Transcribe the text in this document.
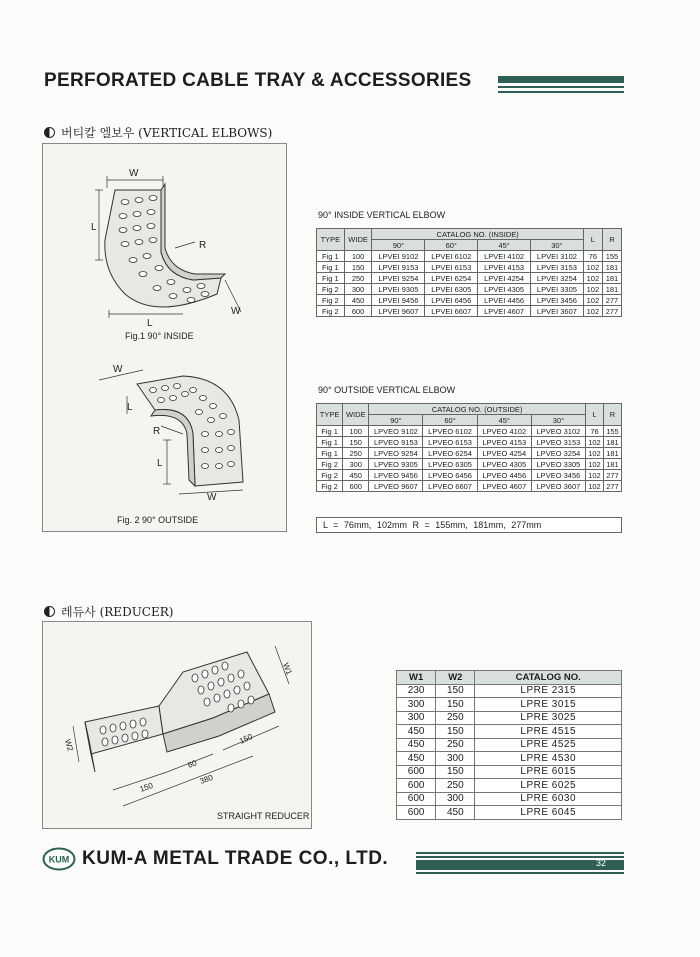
PERFORATED CABLE TRAY & ACCESSORIES
버티칼 엘보우 (VERTICAL ELBOWS)
W
L
R
L
W
W
L
R
L
W
Fig.1 90° INSIDE
Fig. 2 90° OUTSIDE
90° INSIDE VERTICAL ELBOW
TYPE	WIDE	CATALOG NO. (INSIDE)				L	R
		90°	60°	45°	30°		
Fig 1	100	LPVEI 9102	LPVEI 6102	LPVEI 4102	LPVEI 3102	76	155
Fig 1	150	LPVEI 9153	LPVEI 6153	LPVEI 4153	LPVEI 3153	102	181
Fig 1	250	LPVEI 9254	LPVEI 6254	LPVEI 4254	LPVEI 3254	102	181
Fig 2	300	LPVEI 9305	LPVEI 6305	LPVEI 4305	LPVEI 3305	102	181
Fig 2	450	LPVEI 9456	LPVEI 6456	LPVEI 4456	LPVEI 3456	102	277
Fig 2	600	LPVEI 9607	LPVEI 6607	LPVEI 4607	LPVEI 3607	102	277
90° OUTSIDE VERTICAL ELBOW
TYPE	WIDE	CATALOG NO. (OUTSIDE)				L	R
		90°	60°	45°	30°		
Fig 1	100	LPVEO 9102	LPVEO 6102	LPVEO 4102	LPVEO 3102	76	155
Fig 1	150	LPVEO 9153	LPVEO 6153	LPVEO 4153	LPVEO 3153	102	181
Fig 1	250	LPVEO 9254	LPVEO 6254	LPVEO 4254	LPVEO 3254	102	181
Fig 2	300	LPVEO 9305	LPVEO 6305	LPVEO 4305	LPVEO 3305	102	181
Fig 2	450	LPVEO 9456	LPVEO 6456	LPVEO 4456	LPVEO 3456	102	277
Fig 2	600	LPVEO 9607	LPVEO 6607	LPVEO 4607	LPVEO 3607	102	277
L = 76mm, 102mm R = 155mm, 181mm, 277mm
레듀사 (REDUCER)
W1
W2
150
60
380
150
STRAIGHT REDUCER
W1	W2	CATALOG NO.
230	150	LPRE 2315
300	150	LPRE 3015
300	250	LPRE 3025
450	150	LPRE 4515
450	250	LPRE 4525
450	300	LPRE 4530
600	150	LPRE 6015
600	250	LPRE 6025
600	300	LPRE 6030
600	450	LPRE 6045
KUM KUM-A METAL TRADE CO., LTD.	32
